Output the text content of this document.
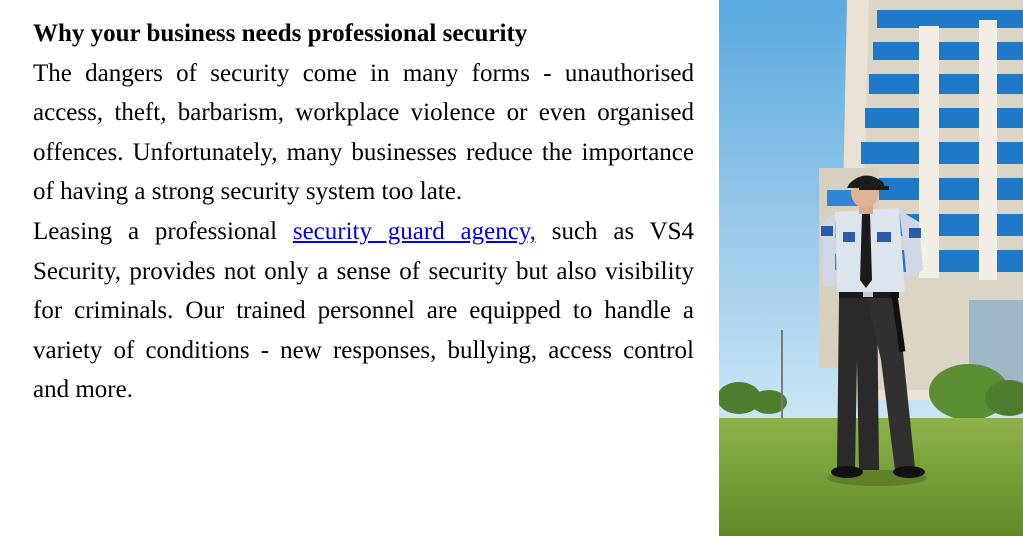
Why your business needs professional security

The dangers of security come in many forms - unauthorised access, theft, barbarism, workplace violence or even organised offences. Unfortunately, many businesses reduce the importance of having a strong security system too late.

Leasing a professional security guard agency, such as VS4 Security, provides not only a sense of security but also visibility for criminals. Our trained personnel are equipped to handle a variety of conditions - new responses, bullying, access control and more.
